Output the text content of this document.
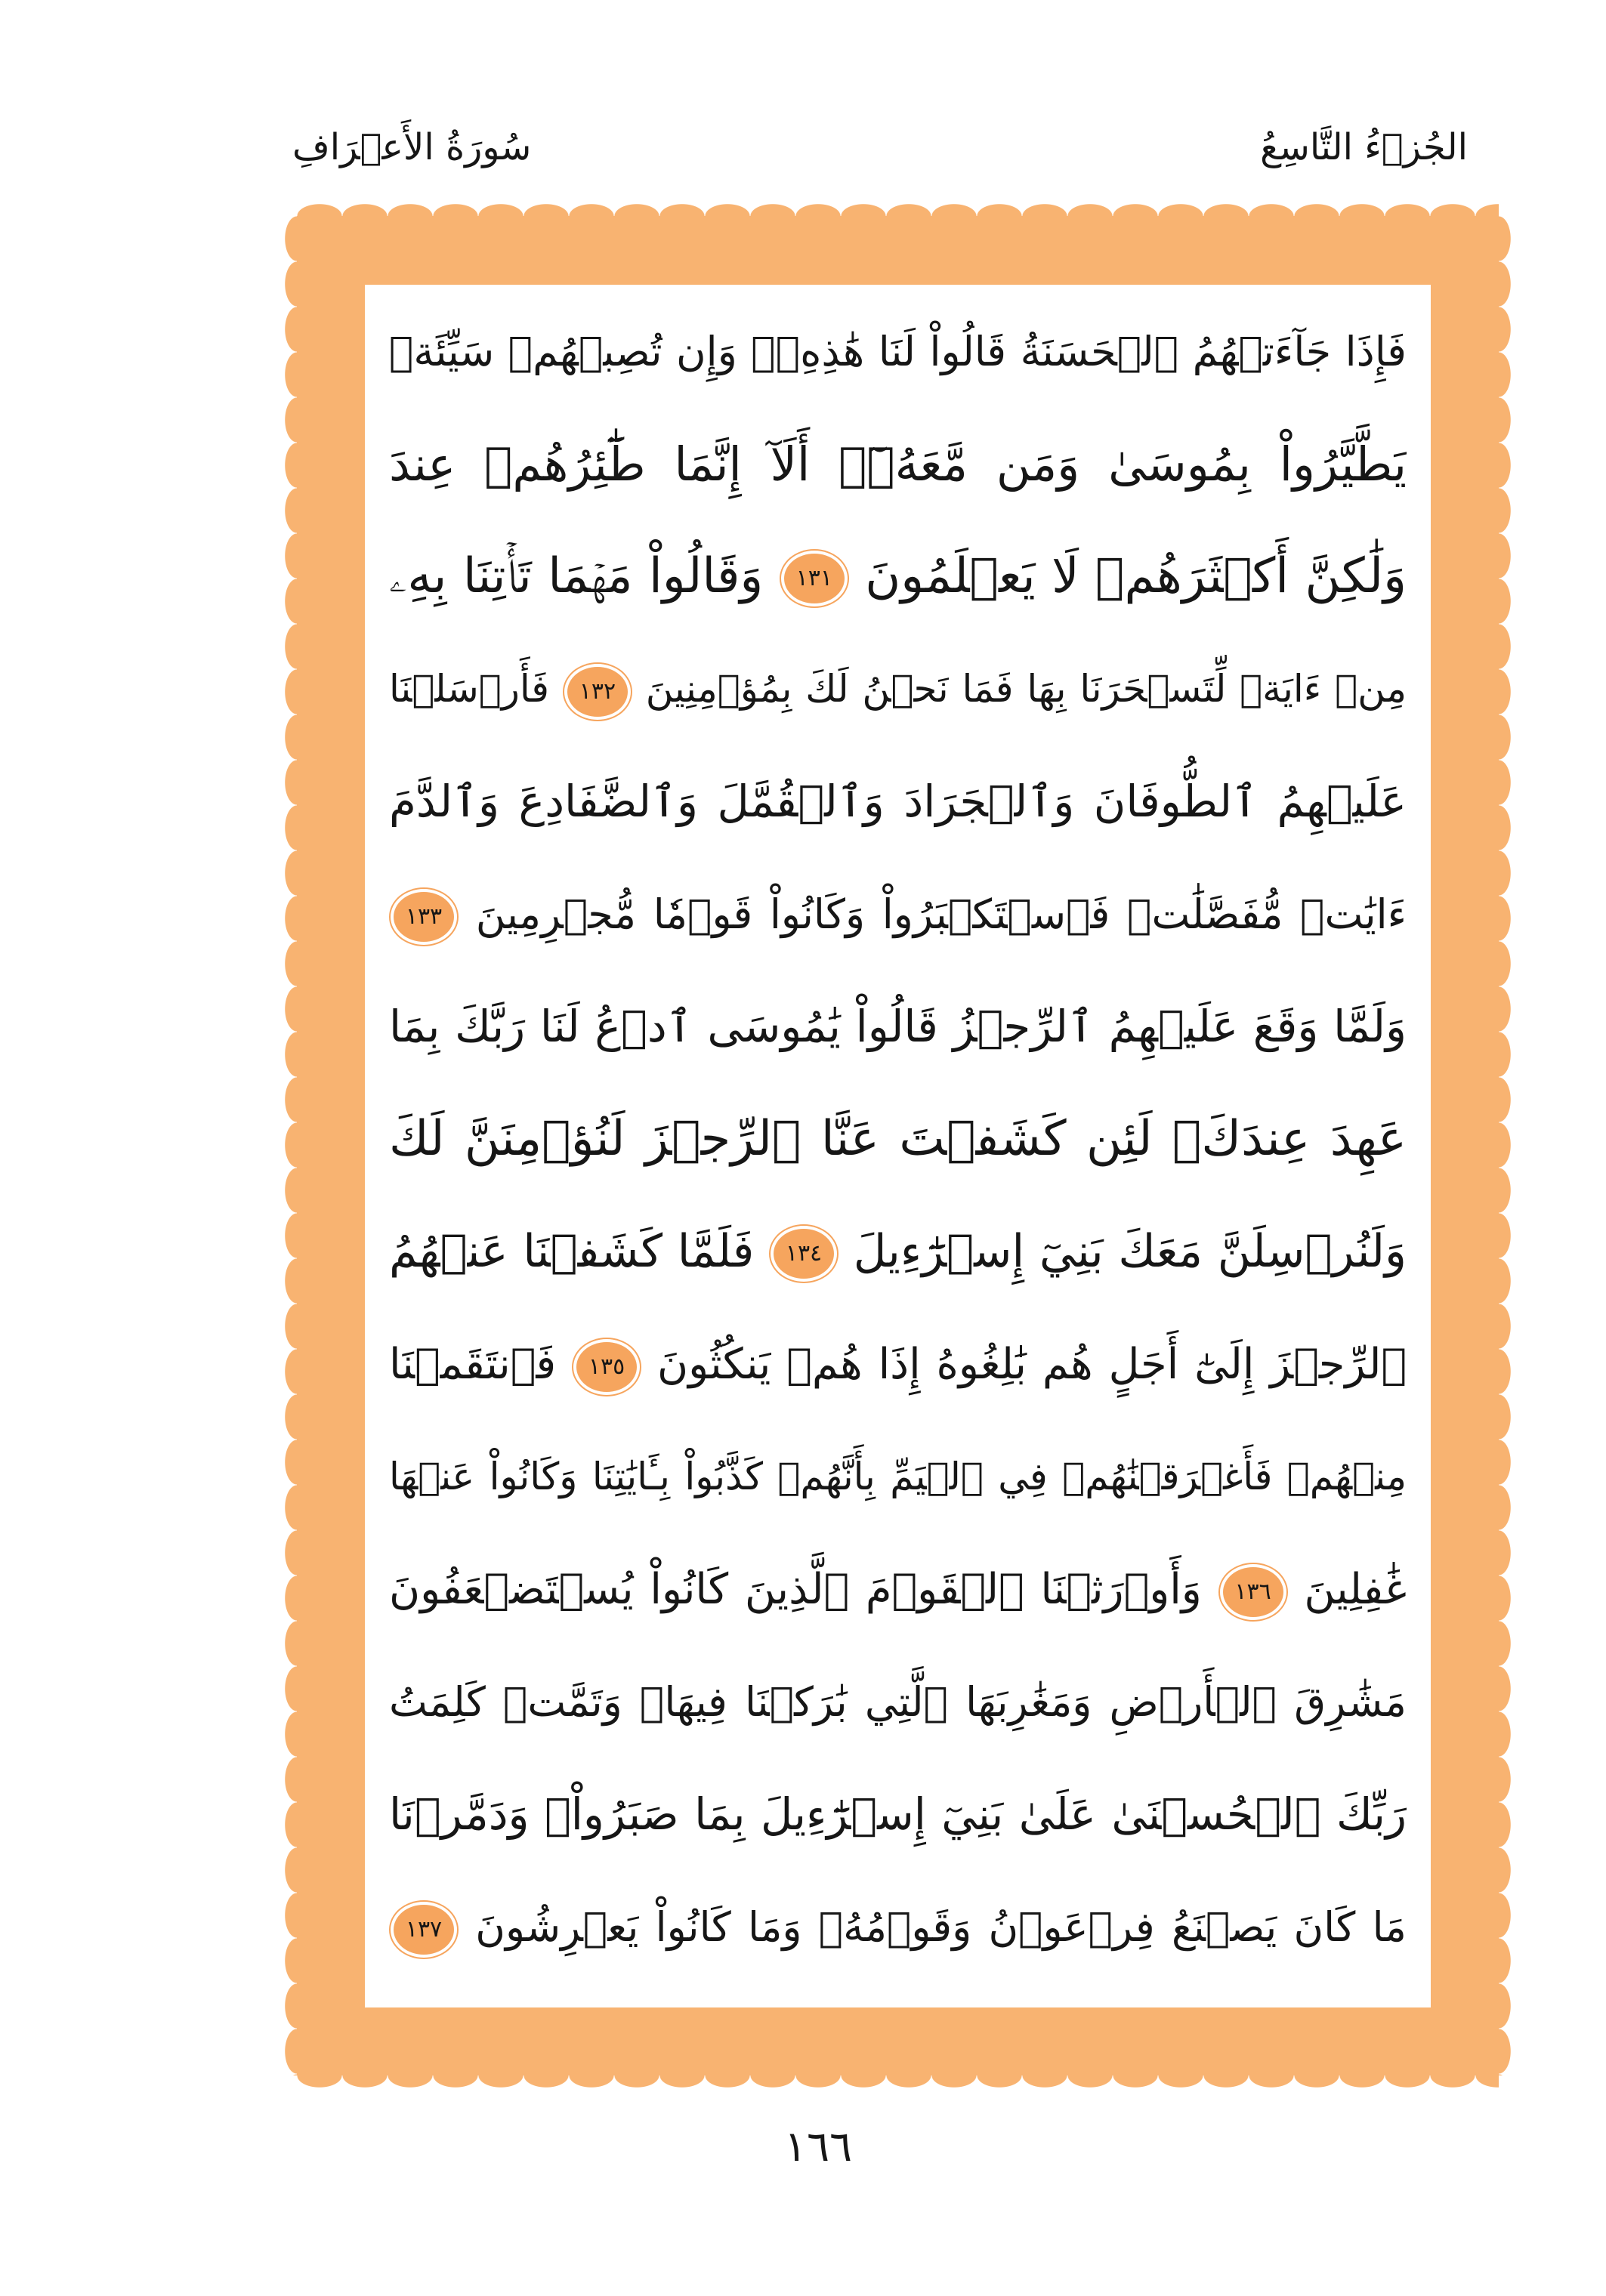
الجُزۡءُ التَّاسِعُ
سُورَةُ الأَعۡرَافِ
فَإِذَا جَآءَتۡهُمُ ٱلۡحَسَنَةُ قَالُواْ لَنَا هَٰذِهِۦۖ وَإِن تُصِبۡهُمۡ سَيِّئَةٞ
يَطَّيَّرُواْ بِمُوسَىٰ وَمَن مَّعَهُۥٓۗ أَلَآ إِنَّمَا طَٰٓئِرُهُمۡ عِندَ
وَلَٰكِنَّ أَكۡثَرَهُمۡ لَا يَعۡلَمُونَ ١٣١ وَقَالُواْ مَهۡمَا تَأۡتِنَا بِهِۦ
مِنۡ ءَايَةٖ لِّتَسۡحَرَنَا بِهَا فَمَا نَحۡنُ لَكَ بِمُؤۡمِنِينَ ١٣٢ فَأَرۡسَلۡنَا
عَلَيۡهِمُ ٱلطُّوفَانَ وَٱلۡجَرَادَ وَٱلۡقُمَّلَ وَٱلضَّفَادِعَ وَٱلدَّمَ
ءَايَٰتٖ مُّفَصَّلَٰتٖ فَٱسۡتَكۡبَرُواْ وَكَانُواْ قَوۡمٗا مُّجۡرِمِينَ ١٣٣
وَلَمَّا وَقَعَ عَلَيۡهِمُ ٱلرِّجۡزُ قَالُواْ يَٰمُوسَى ٱدۡعُ لَنَا رَبَّكَ بِمَا
عَهِدَ عِندَكَۖ لَئِن كَشَفۡتَ عَنَّا ٱلرِّجۡزَ لَنُؤۡمِنَنَّ لَكَ
وَلَنُرۡسِلَنَّ مَعَكَ بَنِيٓ إِسۡرَٰٓءِيلَ ١٣٤ فَلَمَّا كَشَفۡنَا عَنۡهُمُ
ٱلرِّجۡزَ إِلَىٰٓ أَجَلٍ هُم بَٰلِغُوهُ إِذَا هُمۡ يَنكُثُونَ ١٣٥ فَٱنتَقَمۡنَا
مِنۡهُمۡ فَأَغۡرَقۡنَٰهُمۡ فِي ٱلۡيَمِّ بِأَنَّهُمۡ كَذَّبُواْ بِـَٔايَٰتِنَا وَكَانُواْ عَنۡهَا
غَٰفِلِينَ ١٣٦ وَأَوۡرَثۡنَا ٱلۡقَوۡمَ ٱلَّذِينَ كَانُواْ يُسۡتَضۡعَفُونَ
مَشَٰرِقَ ٱلۡأَرۡضِ وَمَغَٰرِبَهَا ٱلَّتِي بَٰرَكۡنَا فِيهَاۖ وَتَمَّتۡ كَلِمَتُ
رَبِّكَ ٱلۡحُسۡنَىٰ عَلَىٰ بَنِيٓ إِسۡرَٰٓءِيلَ بِمَا صَبَرُواْۖ وَدَمَّرۡنَا
مَا كَانَ يَصۡنَعُ فِرۡعَوۡنُ وَقَوۡمُهُۥ وَمَا كَانُواْ يَعۡرِشُونَ ١٣٧
١٦٦
